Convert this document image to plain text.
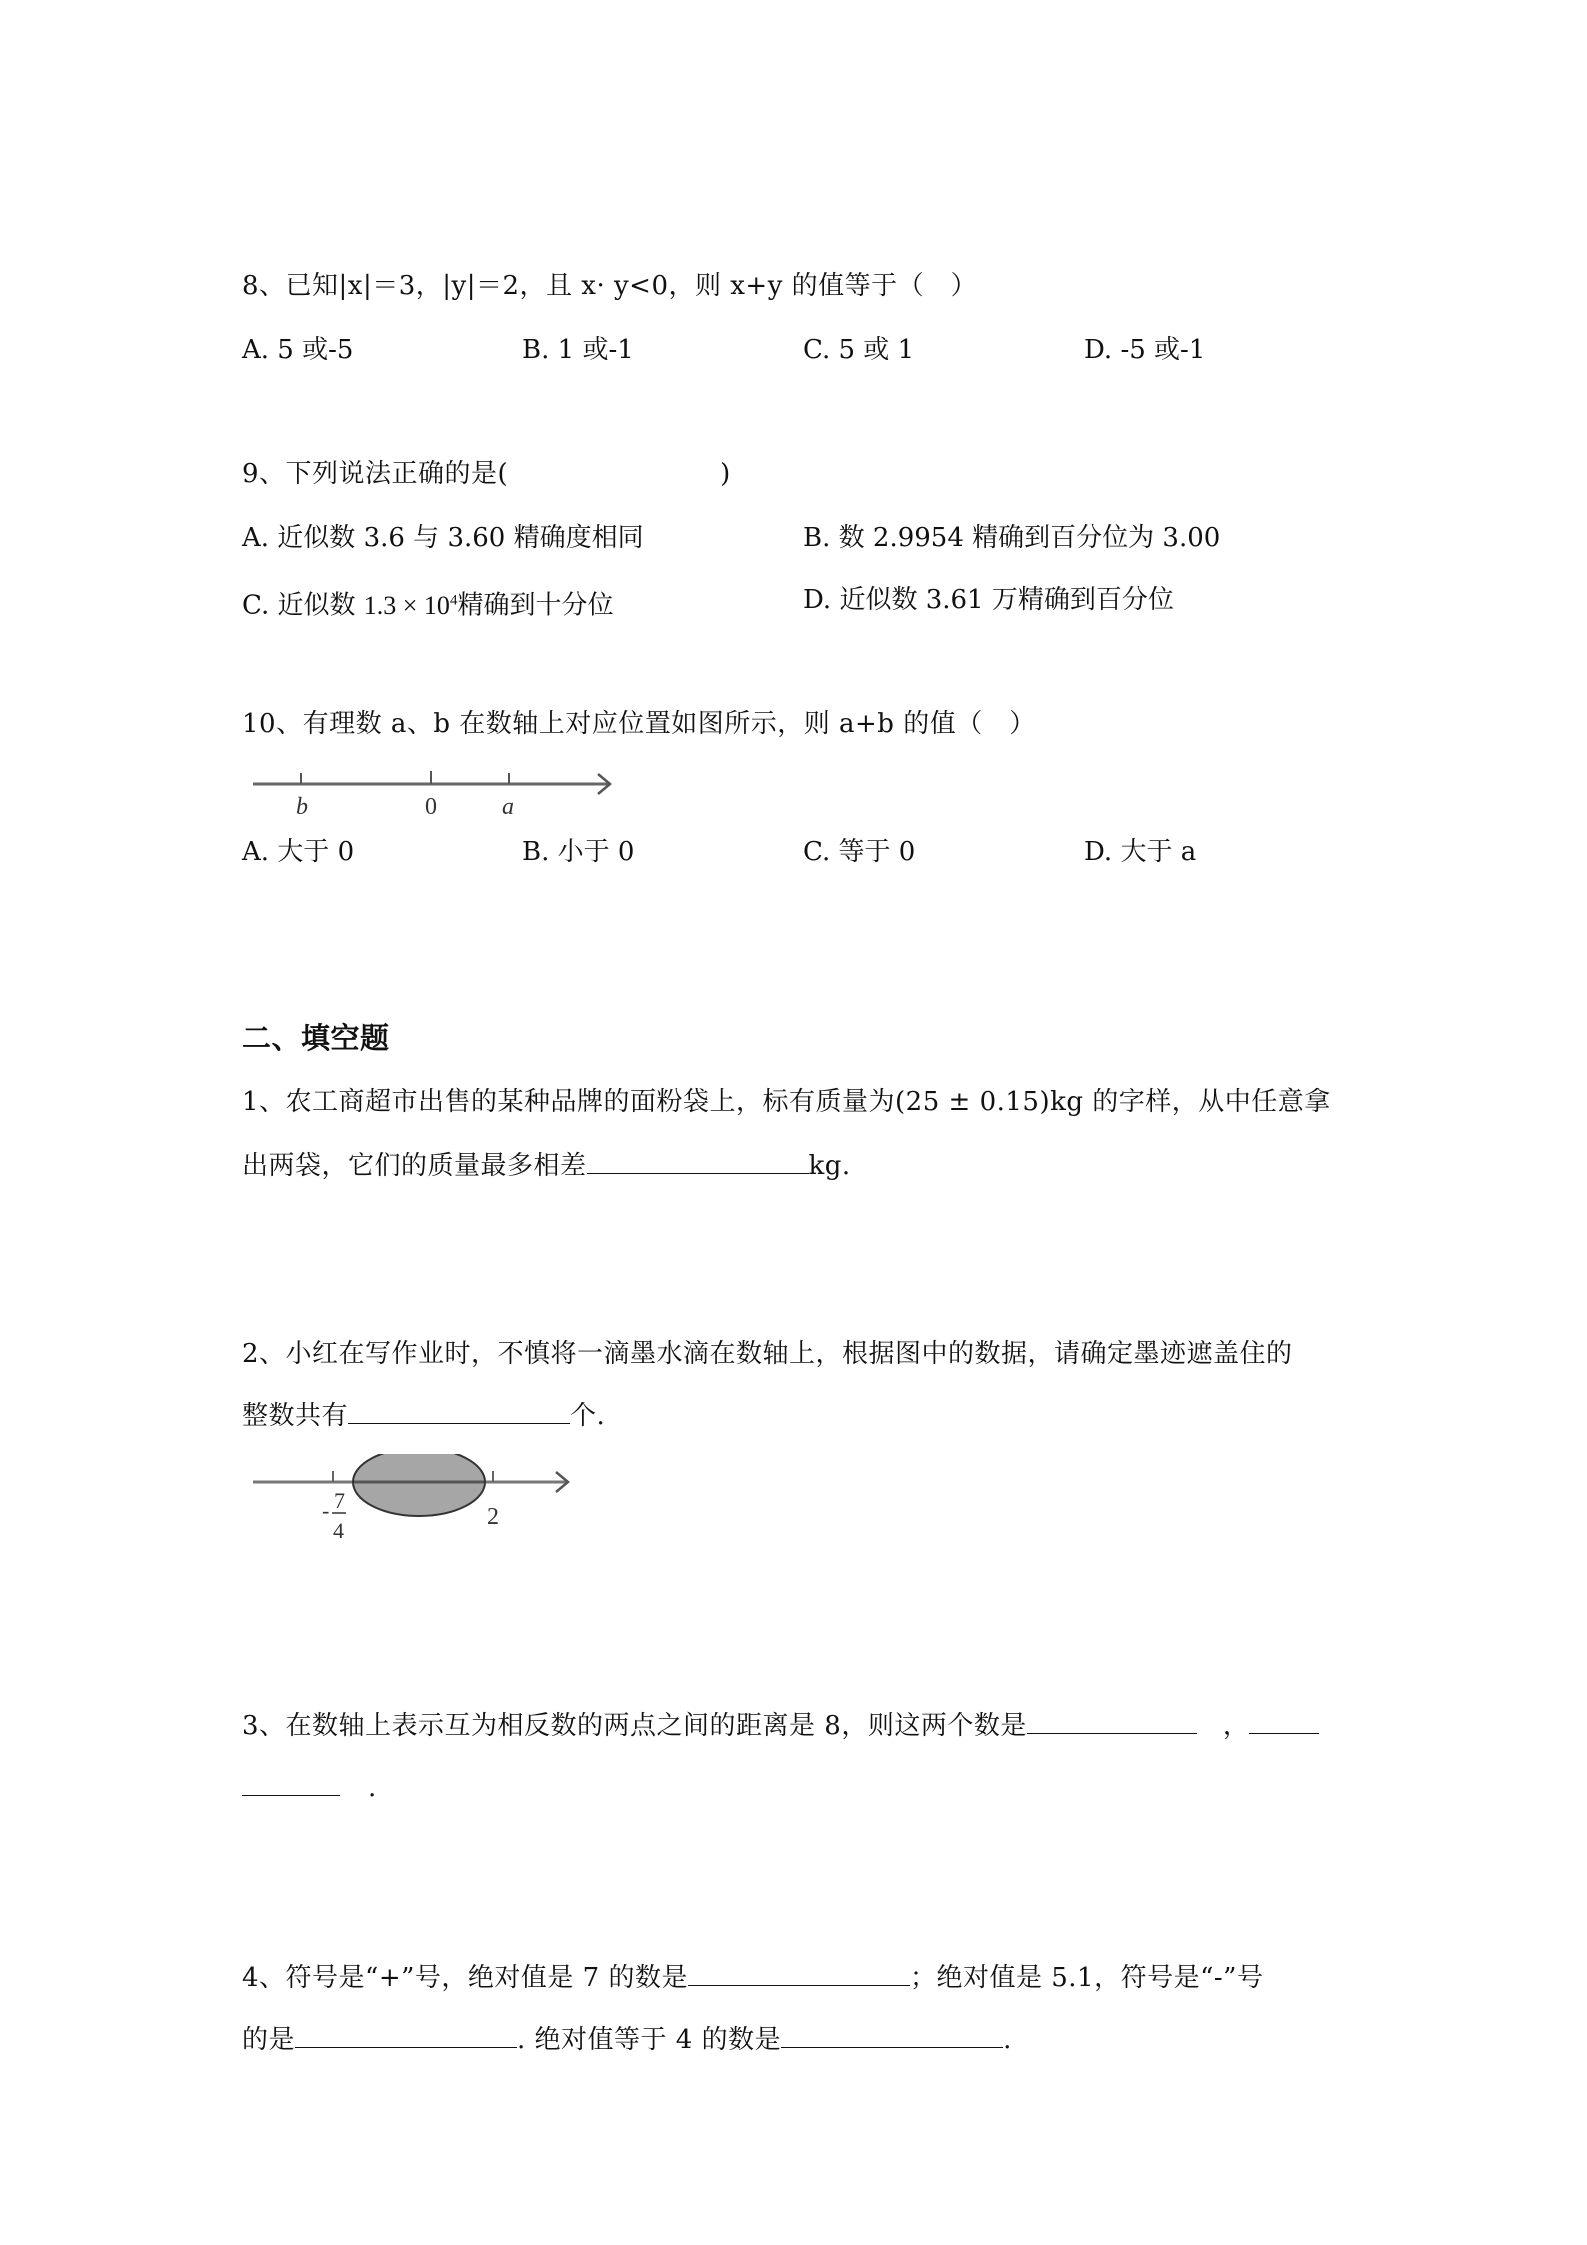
8、已知|x|＝3，|y|＝2，且 x· y<0，则 x+y 的值等于（　）
A. 5 或-5	B. 1 或-1	C. 5 或 1	D. -5 或-1
9、下列说法正确的是(　　　　　　　　)
A. 近似数 3.6 与 3.60 精确度相同	B. 数 2.9954 精确到百分位为 3.00
C. 近似数 $1.3 \times 10^4$精确到十分位	D. 近似数 3.61 万精确到百分位
10、有理数 a、b 在数轴上对应位置如图所示，则 a+b 的值（　）
b	0	a
A. 大于 0	B. 小于 0	C. 等于 0	D. 大于 a
二、填空题
1、农工商超市出售的某种品牌的面粉袋上，标有质量为(25 ± 0.15)kg 的字样，从中任意拿
出两袋，它们的质量最多相差	kg.
2、小红在写作业时，不慎将一滴墨水滴在数轴上，根据图中的数据，请确定墨迹遮盖住的
整数共有	个.
- 7
4
2
3、在数轴上表示互为相反数的两点之间的距离是 8，则这两个数是	，
.
4、符号是“+”号，绝对值是 7 的数是	；绝对值是 5.1，符号是“-”号
的是	. 绝对值等于 4 的数是	.
